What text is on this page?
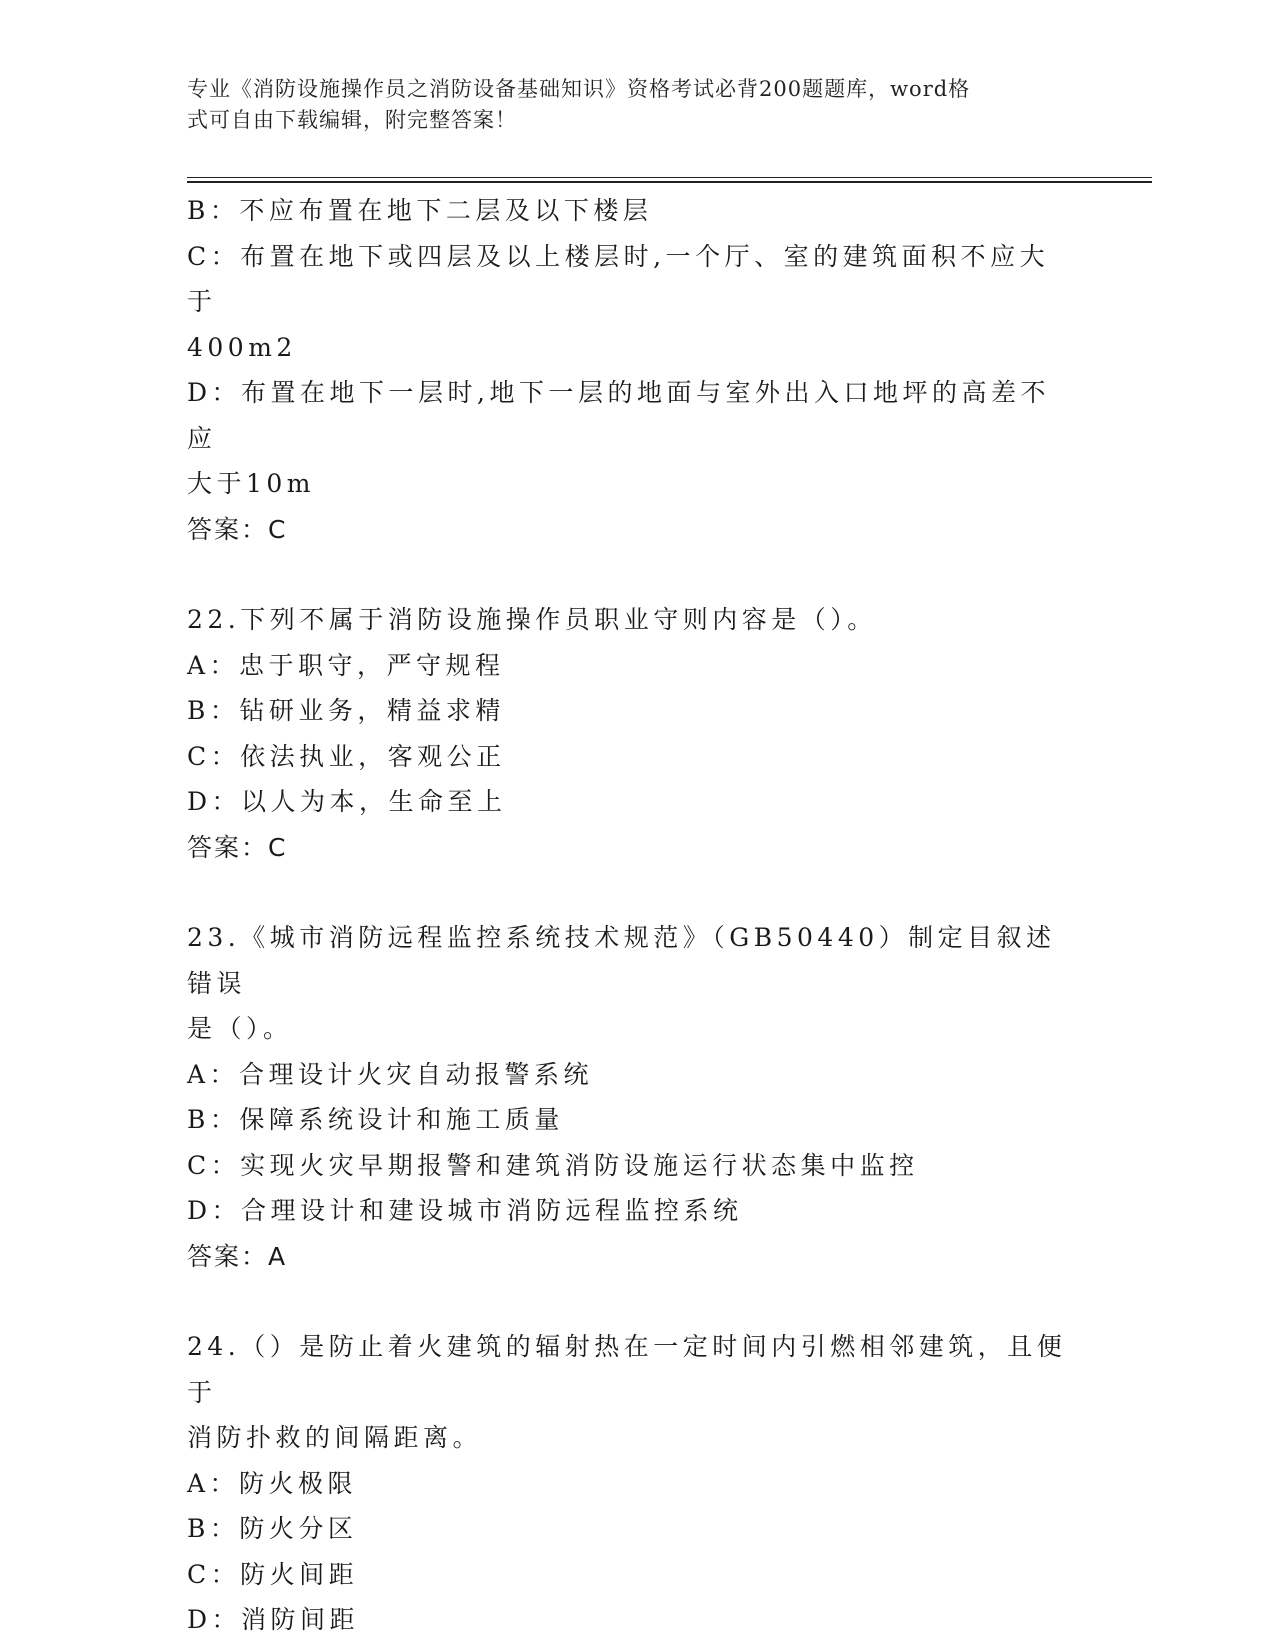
专业《消防设施操作员之消防设备基础知识》资格考试必背200题题库，word格
式可自由下载编辑，附完整答案！
B：不应布置在地下二层及以下楼层
C：布置在地下或四层及以上楼层时,一个厅、室的建筑面积不应大于
400m2
D：布置在地下一层时,地下一层的地面与室外出入口地坪的高差不应
大于10m
答案：C
22.下列不属于消防设施操作员职业守则内容是（）。
A：忠于职守，严守规程
B：钻研业务，精益求精
C：依法执业，客观公正
D：以人为本，生命至上
答案：C
23.《城市消防远程监控系统技术规范》（GB50440）制定目叙述错误
是（）。
A：合理设计火灾自动报警系统
B：保障系统设计和施工质量
C：实现火灾早期报警和建筑消防设施运行状态集中监控
D：合理设计和建设城市消防远程监控系统
答案：A
24.（）是防止着火建筑的辐射热在一定时间内引燃相邻建筑，且便于
消防扑救的间隔距离。
A：防火极限
B：防火分区
C：防火间距
D：消防间距
